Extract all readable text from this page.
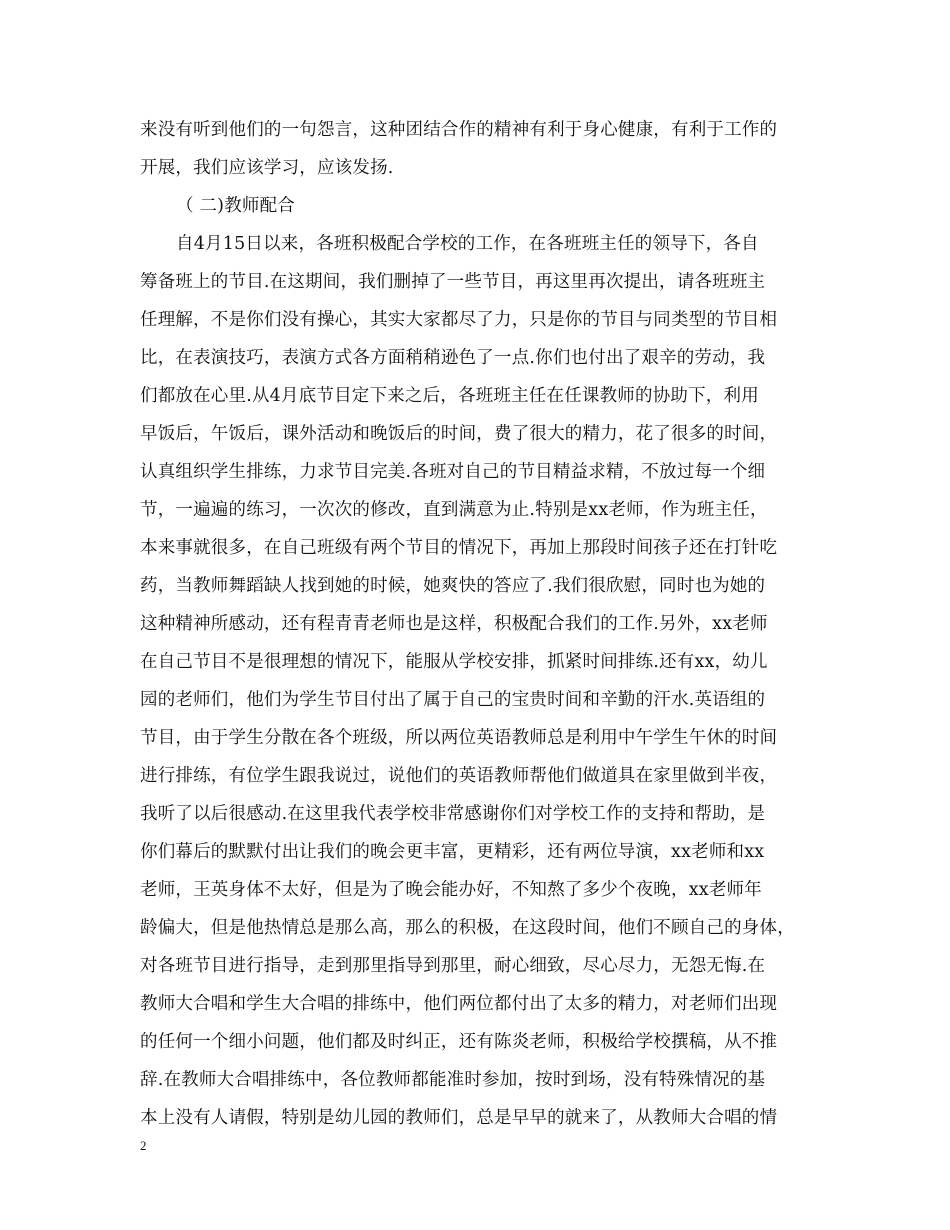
来没有听到他们的一句怨言，这种团结合作的精神有利于身心健康，有利于工作的
开展，我们应该学习，应该发扬.
（ 二)教师配合
自4月15日以来，各班积极配合学校的工作，在各班班主任的领导下，各自
筹备班上的节目.在这期间，我们删掉了一些节目，再这里再次提出，请各班班主
任理解，不是你们没有操心，其实大家都尽了力，只是你的节目与同类型的节目相
比，在表演技巧，表演方式各方面稍稍逊色了一点.你们也付出了艰辛的劳动，我
们都放在心里.从4月底节目定下来之后，各班班主任在任课教师的协助下，利用
早饭后，午饭后，课外活动和晚饭后的时间，费了很大的精力，花了很多的时间，
认真组织学生排练，力求节目完美.各班对自己的节目精益求精，不放过每一个细
节，一遍遍的练习，一次次的修改，直到满意为止.特别是xx老师，作为班主任，
本来事就很多，在自己班级有两个节目的情况下，再加上那段时间孩子还在打针吃
药，当教师舞蹈缺人找到她的时候，她爽快的答应了.我们很欣慰，同时也为她的
这种精神所感动，还有程青青老师也是这样，积极配合我们的工作.另外，xx老师
在自己节目不是很理想的情况下，能服从学校安排，抓紧时间排练.还有xx，幼儿
园的老师们，他们为学生节目付出了属于自己的宝贵时间和辛勤的汗水.英语组的
节目，由于学生分散在各个班级，所以两位英语教师总是利用中午学生午休的时间
进行排练，有位学生跟我说过，说他们的英语教师帮他们做道具在家里做到半夜，
我听了以后很感动.在这里我代表学校非常感谢你们对学校工作的支持和帮助，是
你们幕后的默默付出让我们的晚会更丰富，更精彩，还有两位导演，xx老师和xx
老师，王英身体不太好，但是为了晚会能办好，不知熬了多少个夜晚，xx老师年
龄偏大，但是他热情总是那么高，那么的积极，在这段时间，他们不顾自己的身体，
对各班节目进行指导，走到那里指导到那里，耐心细致，尽心尽力，无怨无悔.在
教师大合唱和学生大合唱的排练中，他们两位都付出了太多的精力，对老师们出现
的任何一个细小问题，他们都及时纠正，还有陈炎老师，积极给学校撰稿，从不推
辞.在教师大合唱排练中，各位教师都能准时参加，按时到场，没有特殊情况的基
本上没有人请假，特别是幼儿园的教师们，总是早早的就来了，从教师大合唱的情
2
